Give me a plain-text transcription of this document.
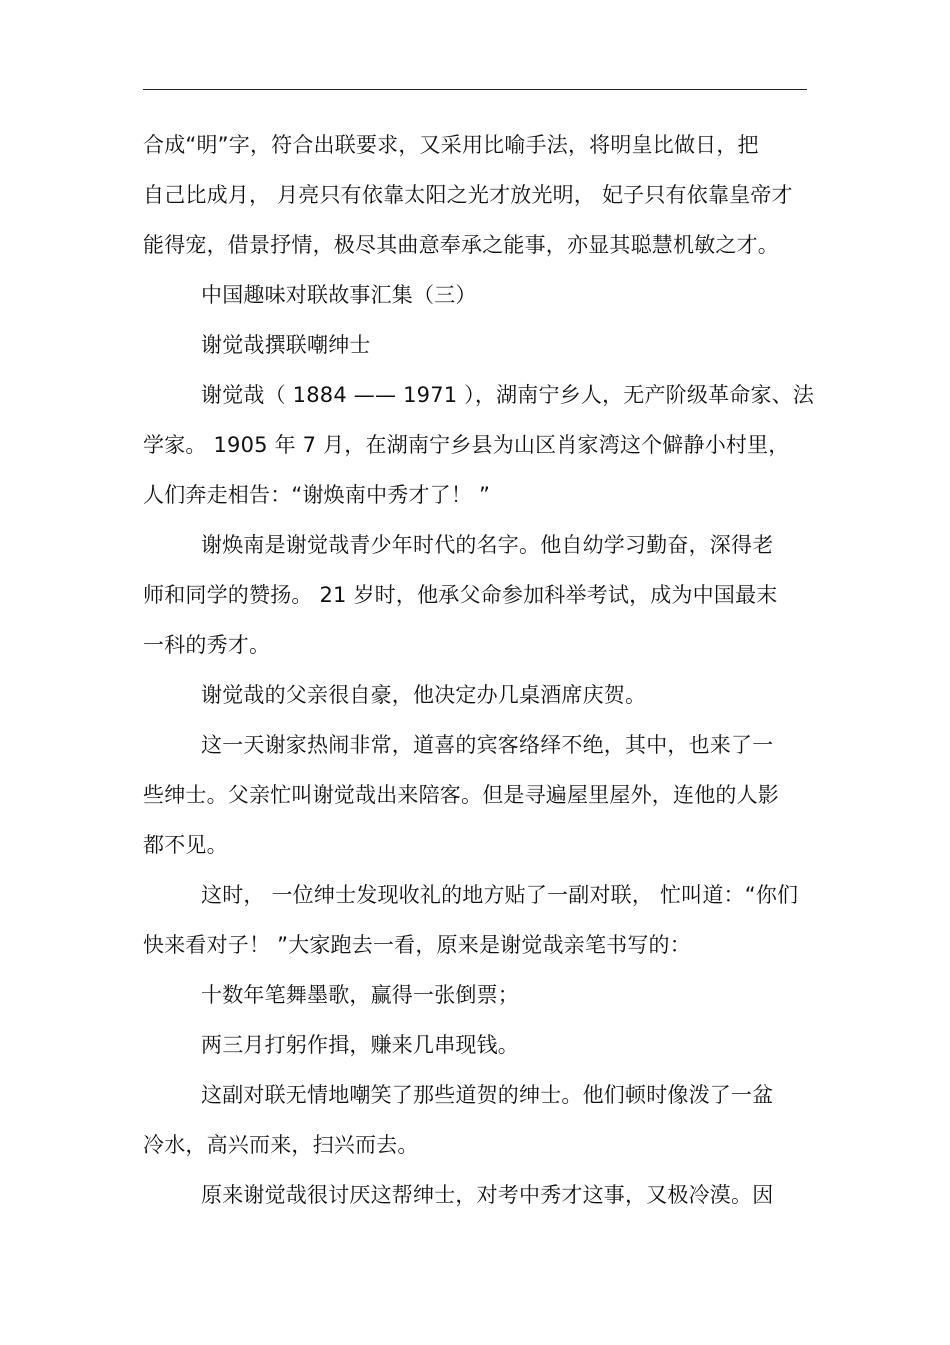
合成“明”字，符合出联要求，又采用比喻手法，将明皇比做日，把
自己比成月， 月亮只有依靠太阳之光才放光明， 妃子只有依靠皇帝才
能得宠，借景抒情，极尽其曲意奉承之能事，亦显其聪慧机敏之才。
中国趣味对联故事汇集（三）
谢觉哉撰联嘲绅士
谢觉哉（ 1884 —— 1971 ），湖南宁乡人，无产阶级革命家、法
学家。 1905 年 7 月，在湖南宁乡县为山区肖家湾这个僻静小村里，
人们奔走相告：“谢焕南中秀才了！ ”
谢焕南是谢觉哉青少年时代的名字。他自幼学习勤奋，深得老
师和同学的赞扬。 21 岁时，他承父命参加科举考试，成为中国最末
一科的秀才。
谢觉哉的父亲很自豪，他决定办几桌酒席庆贺。
这一天谢家热闹非常，道喜的宾客络绎不绝，其中，也来了一
些绅士。父亲忙叫谢觉哉出来陪客。但是寻遍屋里屋外，连他的人影
都不见。
这时， 一位绅士发现收礼的地方贴了一副对联， 忙叫道：“你们
快来看对子！ ”大家跑去一看，原来是谢觉哉亲笔书写的：
十数年笔舞墨歌，赢得一张倒票；
两三月打躬作揖，赚来几串现钱。
这副对联无情地嘲笑了那些道贺的绅士。他们顿时像泼了一盆
冷水，高兴而来，扫兴而去。
原来谢觉哉很讨厌这帮绅士，对考中秀才这事，又极冷漠。因
